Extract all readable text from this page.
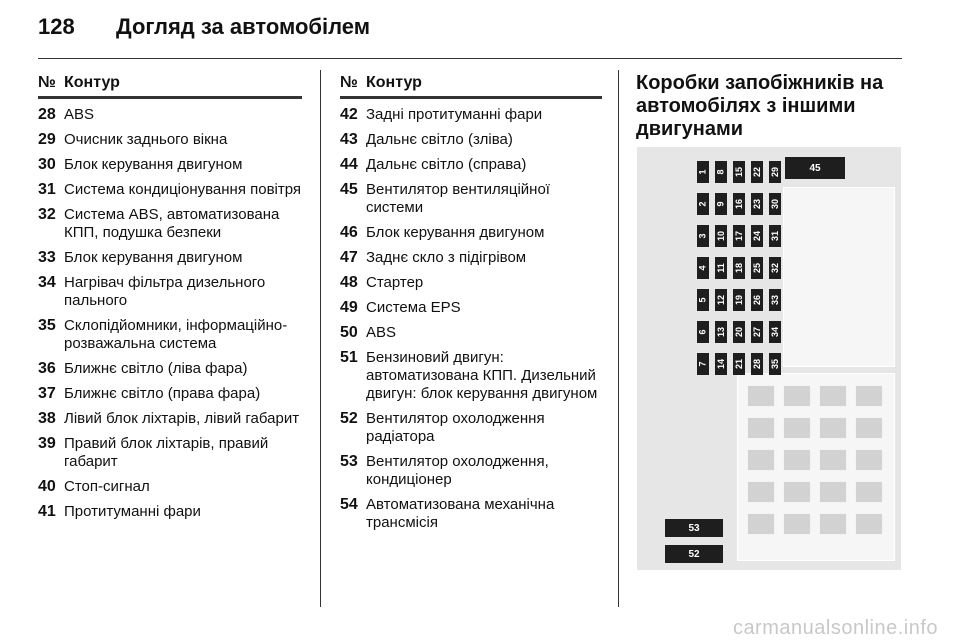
128	Догляд за автомобілем
№ Контур
28 ABS
29 Очисник заднього вікна
30 Блок керування двигуном
31 Система кондиціонування повітря
32 Система ABS, автоматизована КПП, подушка безпеки
33 Блок керування двигуном
34 Нагрівач фільтра дизельного пального
35 Склопідйомники, інформаційно-розважальна система
36 Ближнє світло (ліва фара)
37 Ближнє світло (права фара)
38 Лівий блок ліхтарів, лівий габарит
39 Правий блок ліхтарів, правий габарит
40 Стоп-сигнал
41 Протитуманні фари
№ Контур
42 Задні протитуманні фари
43 Дальнє світло (зліва)
44 Дальнє світло (справа)
45 Вентилятор вентиляційної системи
46 Блок керування двигуном
47 Заднє скло з підігрівом
48 Стартер
49 Система EPS
50 ABS
51 Бензиновий двигун: автоматизована КПП. Дизельний двигун: блок керування двигуном
52 Вентилятор охолодження радіатора
53 Вентилятор охолодження, кондиціонер
54 Автоматизована механічна трансмісія
Коробки запобіжників на автомобілях з іншими двигунами
45
53
52
1
2
3
4
5
6
7
8
9
10
11
12
13
14
15
16
17
18
19
20
21
22
23
24
25
26
27
28
29
30
31
32
33
34
35
carmanualsonline.info
